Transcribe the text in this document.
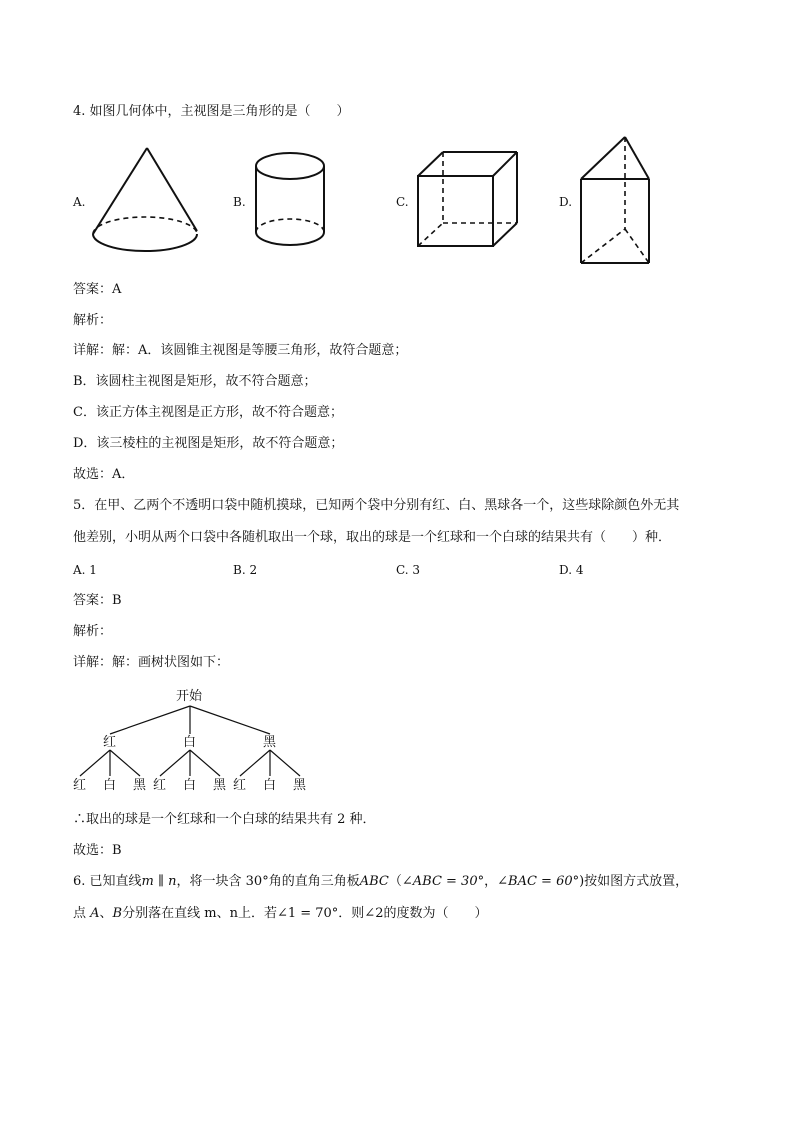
4. 如图几何体中，主视图是三角形的是（　　）
A.	B.	C.	D.
答案：A
解析：
详解：解：A．该圆锥主视图是等腰三角形，故符合题意；
B．该圆柱主视图是矩形，故不符合题意；
C．该正方体主视图是正方形，故不符合题意；
D．该三棱柱的主视图是矩形，故不符合题意；
故选：A．
5．在甲、乙两个不透明口袋中随机摸球，已知两个袋中分别有红、白、黑球各一个，这些球除颜色外无其
他差别，小明从两个口袋中各随机取出一个球，取出的球是一个红球和一个白球的结果共有（　　）种．
A. 1	B. 2	C. 3	D. 4
答案：B
解析：
详解：解：画树状图如下：
开始
红	白	黑
红 白 黑 红 白 黑 红 白 黑
∴取出的球是一个红球和一个白球的结果共有 2 种．
故选：B
6. 已知直线m ∥ n，将一块含 30°角的直角三角板ABC（∠ABC = 30°，∠BAC = 60°)按如图方式放置，
点 A、B分别落在直线 m、n上．若∠1 = 70°．则∠2的度数为（　　）
